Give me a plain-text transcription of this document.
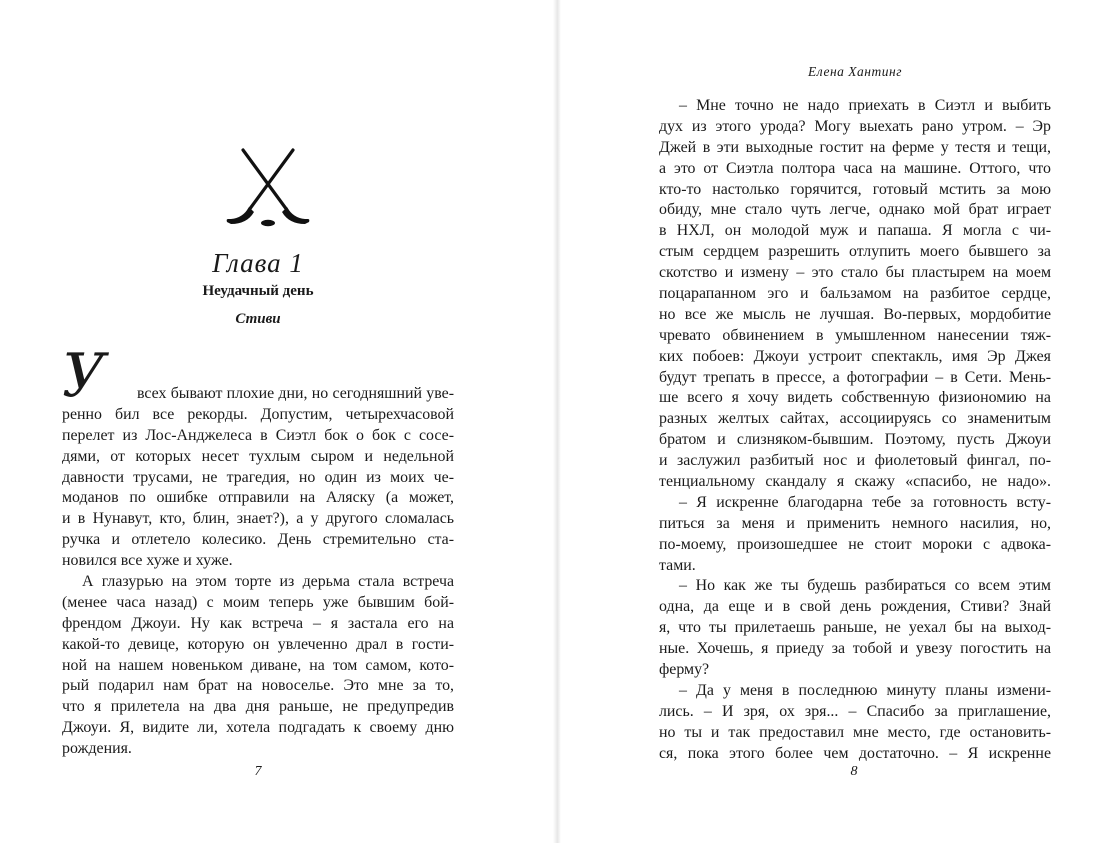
Глава 1
Неудачный день
Стиви
У	всех бывают плохие дни, но сегодняшний уве-
ренно бил все рекорды. Допустим, четырехчасовой
перелет из Лос-Анджелеса в Сиэтл бок о бок с сосе-
дями, от которых несет тухлым сыром и недельной
давности трусами, не трагедия, но один из моих че-
моданов по ошибке отправили на Аляску (а может,
и в Нунавут, кто, блин, знает?), а у другого сломалась
ручка и отлетело колесико. День стремительно ста-
новился все хуже и хуже.
А глазурью на этом торте из дерьма стала встреча
(менее часа назад) с моим теперь уже бывшим бой-
френдом Джоуи. Ну как встреча – я застала его на
какой-то девице, которую он увлеченно драл в гости-
ной на нашем новеньком диване, на том самом, кото-
рый подарил нам брат на новоселье. Это мне за то,
что я прилетела на два дня раньше, не предупредив
Джоуи. Я, видите ли, хотела подгадать к своему дню
рождения.
7
Елена Хантинг
– Мне точно не надо приехать в Сиэтл и выбить
дух из этого урода? Могу выехать рано утром. – Эр
Джей в эти выходные гостит на ферме у тестя и тещи,
а это от Сиэтла полтора часа на машине. Оттого, что
кто-то настолько горячится, готовый мстить за мою
обиду, мне стало чуть легче, однако мой брат играет
в НХЛ, он молодой муж и папаша. Я могла с чи-
стым сердцем разрешить отлупить моего бывшего за
скотство и измену – это стало бы пластырем на моем
поцарапанном эго и бальзамом на разбитое сердце,
но все же мысль не лучшая. Во-первых, мордобитие
чревато обвинением в умышленном нанесении тяж-
ких побоев: Джоуи устроит спектакль, имя Эр Джея
будут трепать в прессе, а фотографии – в Сети. Мень-
ше всего я хочу видеть собственную физиономию на
разных желтых сайтах, ассоциируясь со знаменитым
братом и слизняком-бывшим. Поэтому, пусть Джоуи
и заслужил разбитый нос и фиолетовый фингал, по-
тенциальному скандалу я скажу «спасибо, не надо».
– Я искренне благодарна тебе за готовность всту-
питься за меня и применить немного насилия, но,
по-моему, произошедшее не стоит мороки с адвока-
тами.
– Но как же ты будешь разбираться со всем этим
одна, да еще и в свой день рождения, Стиви? Знай
я, что ты прилетаешь раньше, не уехал бы на выход-
ные. Хочешь, я приеду за тобой и увезу погостить на
ферму?
– Да у меня в последнюю минуту планы измени-
лись. – И зря, ох зря... – Спасибо за приглашение,
но ты и так предоставил мне место, где остановить-
ся, пока этого более чем достаточно. – Я искренне
8
